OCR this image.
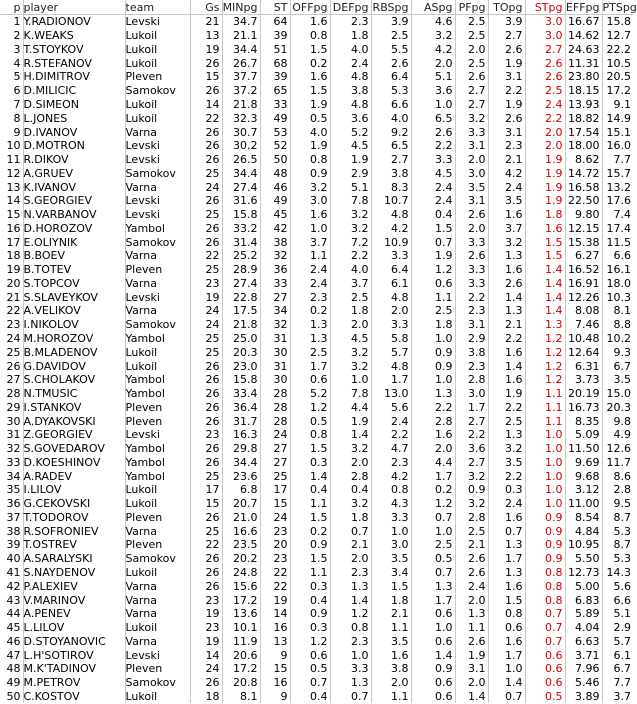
p	player	team	Gs	MINpg	ST	OFFpg	DEFpg	RBSpg	ASpg	PFpg	TOpg	STpg	EFFpg	PTSpg
1	Y.RADIONOV	Levski	21	34.7	64	1.6	2.3	3.9	4.6	2.5	3.9	3.0	16.67	15.8
2	K.WEAKS	Lukoil	13	21.1	39	0.8	1.8	2.5	3.2	2.5	2.7	3.0	14.62	12.7
3	T.STOYKOV	Lukoil	19	34.4	51	1.5	4.0	5.5	4.2	2.0	2.6	2.7	24.63	22.2
4	R.STEFANOV	Lukoil	26	26.7	68	0.2	2.4	2.6	2.0	2.5	1.9	2.6	11.31	10.5
5	H.DIMITROV	Pleven	15	37.7	39	1.6	4.8	6.4	5.1	2.6	3.1	2.6	23.80	20.5
6	D.MILICIC	Samokov	26	37.2	65	1.5	3.8	5.3	3.6	2.7	2.2	2.5	18.15	17.2
7	D.SIMEON	Lukoil	14	21.8	33	1.9	4.8	6.6	1.0	2.7	1.9	2.4	13.93	9.1
8	L.JONES	Lukoil	22	32.3	49	0.5	3.6	4.0	6.5	3.2	2.6	2.2	18.82	14.9
9	D.IVANOV	Varna	26	30.7	53	4.0	5.2	9.2	2.6	3.3	3.1	2.0	17.54	15.1
10	D.MOTRON	Levski	26	30.2	52	1.9	4.5	6.5	2.2	3.1	2.3	2.0	18.00	16.0
11	R.DIKOV	Levski	26	26.5	50	0.8	1.9	2.7	3.3	2.0	2.1	1.9	8.62	7.7
12	A.GRUEV	Samokov	25	34.4	48	0.9	2.9	3.8	4.5	3.0	4.2	1.9	14.72	15.7
13	K.IVANOV	Varna	24	27.4	46	3.2	5.1	8.3	2.4	3.5	2.4	1.9	16.58	13.2
14	S.GEORGIEV	Levski	26	31.6	49	3.0	7.8	10.7	2.4	3.1	3.5	1.9	22.50	17.6
15	N.VARBANOV	Levski	25	15.8	45	1.6	3.2	4.8	0.4	2.6	1.6	1.8	9.80	7.4
16	D.HOROZOV	Yambol	26	33.2	42	1.0	3.2	4.2	1.5	2.0	3.7	1.6	12.15	17.4
17	E.OLIYNIK	Samokov	26	31.4	38	3.7	7.2	10.9	0.7	3.3	3.2	1.5	15.38	11.5
18	B.BOEV	Varna	22	25.2	32	1.1	2.2	3.3	1.9	2.6	1.3	1.5	6.27	6.6
19	B.TOTEV	Pleven	25	28.9	36	2.4	4.0	6.4	1.2	3.3	1.6	1.4	16.52	16.1
20	S.TOPCOV	Varna	23	27.4	33	2.4	3.7	6.1	0.6	3.3	2.6	1.4	16.91	18.0
21	S.SLAVEYKOV	Levski	19	22.8	27	2.3	2.5	4.8	1.1	2.2	1.4	1.4	12.26	10.3
22	A.VELIKOV	Varna	24	17.5	34	0.2	1.8	2.0	2.5	2.3	1.3	1.4	8.08	8.1
23	I.NIKOLOV	Samokov	24	21.8	32	1.3	2.0	3.3	1.8	3.1	2.1	1.3	7.46	8.8
24	M.HOROZOV	Yambol	25	25.0	31	1.3	4.5	5.8	1.0	2.9	2.2	1.2	10.48	10.2
25	B.MLADENOV	Lukoil	25	20.3	30	2.5	3.2	5.7	0.9	3.8	1.6	1.2	12.64	9.3
26	G.DAVIDOV	Lukoil	26	23.0	31	1.7	3.2	4.8	0.9	2.3	1.4	1.2	6.31	6.7
27	S.CHOLAKOV	Yambol	26	15.8	30	0.6	1.0	1.7	1.0	2.8	1.6	1.2	3.73	3.5
28	N.TMUSIC	Yambol	26	33.4	28	5.2	7.8	13.0	1.3	3.0	1.9	1.1	20.19	15.0
29	I.STANKOV	Pleven	26	36.4	28	1.2	4.4	5.6	2.2	1.7	2.2	1.1	16.73	20.3
30	A.DYAKOVSKI	Pleven	26	31.7	28	0.5	1.9	2.4	2.8	2.7	2.5	1.1	8.35	9.8
31	Z.GEORGIEV	Levski	23	16.3	24	0.8	1.4	2.2	1.6	2.2	1.3	1.0	5.09	4.9
32	S.GOVEDAROV	Yambol	26	29.8	27	1.5	3.2	4.7	2.0	3.6	3.2	1.0	11.50	12.6
33	D.KOESHINOV	Yambol	26	34.4	27	0.3	2.0	2.3	4.4	2.7	3.5	1.0	9.69	11.7
34	A.RADEV	Yambol	25	23.6	25	1.4	2.8	4.2	1.7	3.2	2.2	1.0	9.68	8.6
35	I.LILOV	Lukoil	17	6.8	17	0.4	0.4	0.8	0.2	0.9	0.3	1.0	3.12	2.8
36	G.CEKOVSKI	Lukoil	15	20.7	15	1.1	3.2	4.3	1.2	3.2	2.4	1.0	11.00	9.5
37	T.TODOROV	Pleven	26	21.0	24	1.5	1.8	3.3	0.7	2.8	1.6	0.9	8.54	8.7
38	R.SOFRONIEV	Varna	25	16.6	23	0.2	0.7	1.0	1.0	2.5	0.7	0.9	4.84	5.3
39	T.OSTREV	Pleven	22	23.5	20	0.9	2.1	3.0	2.5	2.1	1.3	0.9	10.95	8.7
40	A.SARALYSKI	Samokov	26	20.2	23	1.5	2.0	3.5	0.5	2.6	1.7	0.9	5.50	5.3
41	S.NAYDENOV	Lukoil	26	24.8	22	1.1	2.3	3.4	0.7	2.6	1.3	0.8	12.73	14.3
42	P.ALEXIEV	Varna	26	15.6	22	0.3	1.3	1.5	1.3	2.4	1.6	0.8	5.00	5.6
43	V.MARINOV	Varna	23	17.2	19	0.4	1.4	1.8	1.7	2.0	1.5	0.8	6.83	6.6
44	A.PENEV	Varna	19	13.6	14	0.9	1.2	2.1	0.6	1.3	0.8	0.7	5.89	5.1
45	L.LILOV	Lukoil	23	10.1	16	0.3	0.8	1.1	1.0	1.1	0.6	0.7	4.04	2.9
46	D.STOYANOVIC	Varna	19	11.9	13	1.2	2.3	3.5	0.6	2.6	1.6	0.7	6.63	5.7
47	L.H'SOTIROV	Levski	14	20.6	9	0.6	1.0	1.6	1.4	1.9	1.7	0.6	3.71	6.1
48	M.K'TADINOV	Pleven	24	17.2	15	0.5	3.3	3.8	0.9	3.1	1.0	0.6	7.96	6.7
49	M.PETROV	Samokov	26	20.8	16	0.7	1.3	2.0	0.6	2.0	1.4	0.6	5.46	7.7
50	C.KOSTOV	Lukoil	18	8.1	9	0.4	0.7	1.1	0.6	1.4	0.7	0.5	3.89	3.7
